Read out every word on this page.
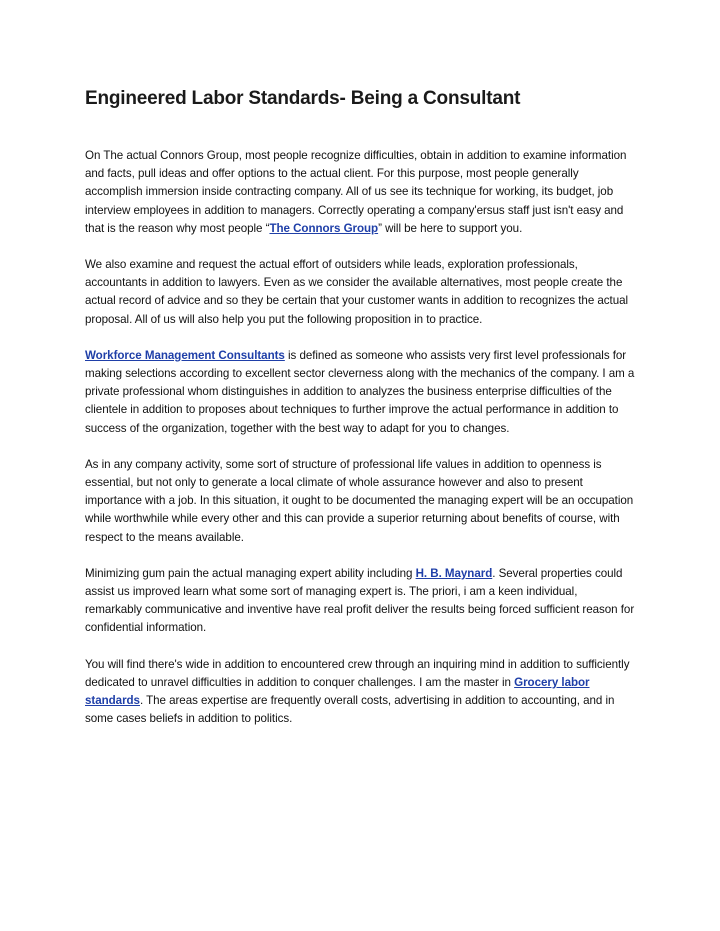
Engineered Labor Standards- Being a Consultant

On The actual Connors Group, most people recognize difficulties, obtain in addition to examine information and facts, pull ideas and offer options to the actual client. For this purpose, most people generally accomplish immersion inside contracting company. All of us see its technique for working, its budget, job interview employees in addition to managers. Correctly operating a company'ersus staff just isn't easy and that is the reason why most people “The Connors Group” will be here to support you.

We also examine and request the actual effort of outsiders while leads, exploration professionals, accountants in addition to lawyers. Even as we consider the available alternatives, most people create the actual record of advice and so they be certain that your customer wants in addition to recognizes the actual proposal. All of us will also help you put the following proposition in to practice.

Workforce Management Consultants is defined as someone who assists very first level professionals for making selections according to excellent sector cleverness along with the mechanics of the company. I am a private professional whom distinguishes in addition to analyzes the business enterprise difficulties of the clientele in addition to proposes about techniques to further improve the actual performance in addition to success of the organization, together with the best way to adapt for you to changes.

As in any company activity, some sort of structure of professional life values in addition to openness is essential, but not only to generate a local climate of whole assurance however and also to present importance with a job. In this situation, it ought to be documented the managing expert will be an occupation while worthwhile while every other and this can provide a superior returning about benefits of course, with respect to the means available.

Minimizing gum pain the actual managing expert ability including H. B. Maynard. Several properties could assist us improved learn what some sort of managing expert is. The priori, i am a keen individual, remarkably communicative and inventive have real profit deliver the results being forced sufficient reason for confidential information.

You will find there's wide in addition to encountered crew through an inquiring mind in addition to sufficiently dedicated to unravel difficulties in addition to conquer challenges. I am the master in Grocery labor standards. The areas expertise are frequently overall costs, advertising in addition to accounting, and in some cases beliefs in addition to politics.
